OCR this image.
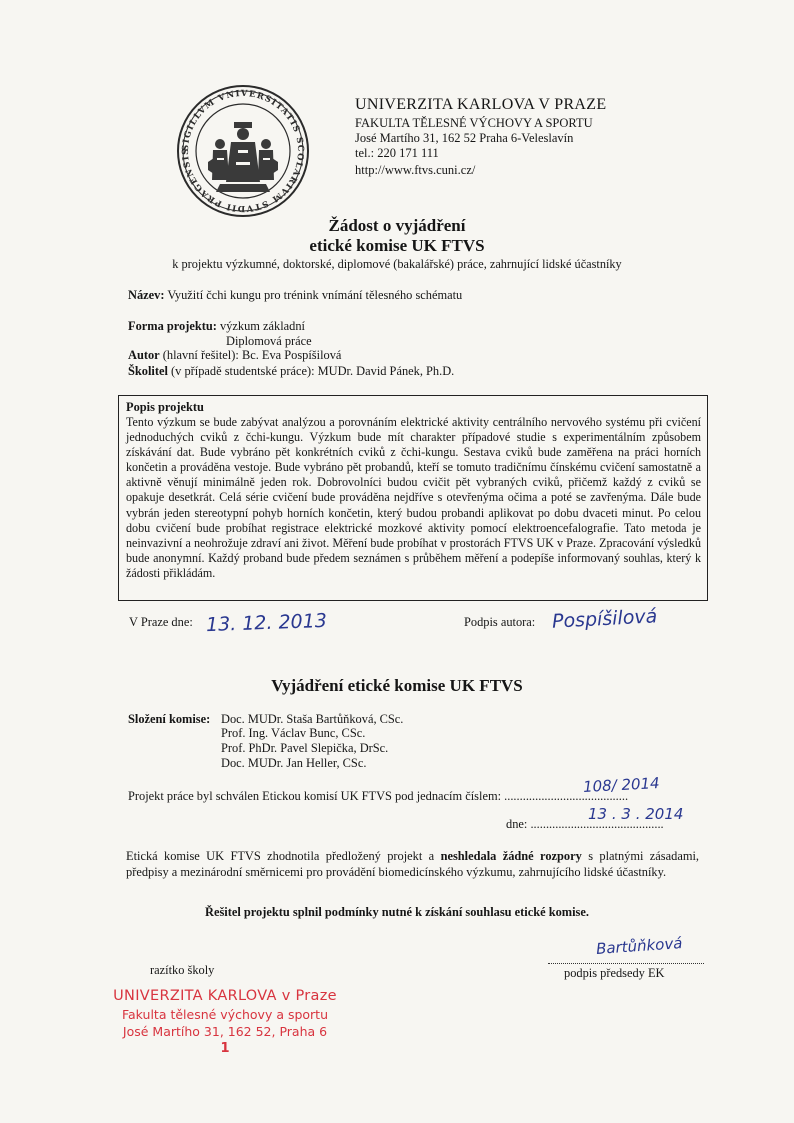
SIGILLVM VNIVERSITATIS SCOLARIVM STVDII PRAGENSIS
UNIVERZITA KARLOVA V PRAZE
FAKULTA TĚLESNÉ VÝCHOVY A SPORTU
José Martího 31, 162 52 Praha 6-Veleslavín
tel.: 220 171 111
http://www.ftvs.cuni.cz/
Žádost o vyjádření
etické komise UK FTVS
k projektu výzkumné, doktorské, diplomové (bakalářské) práce, zahrnující lidské účastníky
Název: Využití čchi kungu pro trénink vnímání tělesného schématu
Forma projektu: výzkum základní
Diplomová práce
Autor (hlavní řešitel): Bc. Eva Pospíšilová
Školitel (v případě studentské práce): MUDr. David Pánek, Ph.D.
Popis projektu
Tento výzkum se bude zabývat analýzou a porovnáním elektrické aktivity centrálního nervového systému při cvičení jednoduchých cviků z čchi-kungu. Výzkum bude mít charakter případové studie s experimentálním způsobem získávání dat. Bude vybráno pět konkrétních cviků z čchi-kungu. Sestava cviků bude zaměřena na práci horních končetin a prováděna vestoje. Bude vybráno pět probandů, kteří se tomuto tradičnímu čínskému cvičení samostatně a aktivně věnují minimálně jeden rok. Dobrovolníci budou cvičit pět vybraných cviků, přičemž každý z cviků se opakuje desetkrát. Celá série cvičení bude prováděna nejdříve s otevřenýma očima a poté se zavřenýma. Dále bude vybrán jeden stereotypní pohyb horních končetin, který budou probandi aplikovat po dobu dvaceti minut. Po celou dobu cvičení bude probíhat registrace elektrické mozkové aktivity pomocí elektroencefalografie. Tato metoda je neinvazivní a neohrožuje zdraví ani život. Měření bude probíhat v prostorách FTVS UK v Praze. Zpracování výsledků bude anonymní. Každý proband bude předem seznámen s průběhem měření a podepíše informovaný souhlas, který k žádosti přikládám.
V Praze dne: 13. 12. 2013	Podpis autora: Pospíšilová
Vyjádření etické komise UK FTVS
Složení komise: Doc. MUDr. Staša Bartůňková, CSc.
Prof. Ing. Václav Bunc, CSc.
Prof. PhDr. Pavel Slepička, DrSc.
Doc. MUDr. Jan Heller, CSc.
Projekt práce byl schválen Etickou komisí UK FTVS pod jednacím číslem: ........................................
108/ 2014
dne: ...........................................
13 . 3 . 2014
Etická komise UK FTVS zhodnotila předložený projekt a neshledala žádné rozpory s platnými zásadami, předpisy a mezinárodní směrnicemi pro provádění biomedicínského výzkumu, zahrnujícího lidské účastníky.
Řešitel projektu splnil podmínky nutné k získání souhlasu etické komise.
Bartůňková
razítko školy	podpis předsedy EK
UNIVERZITA KARLOVA v Praze
Fakulta tělesné výchovy a sportu
José Martího 31, 162 52, Praha 6
1
